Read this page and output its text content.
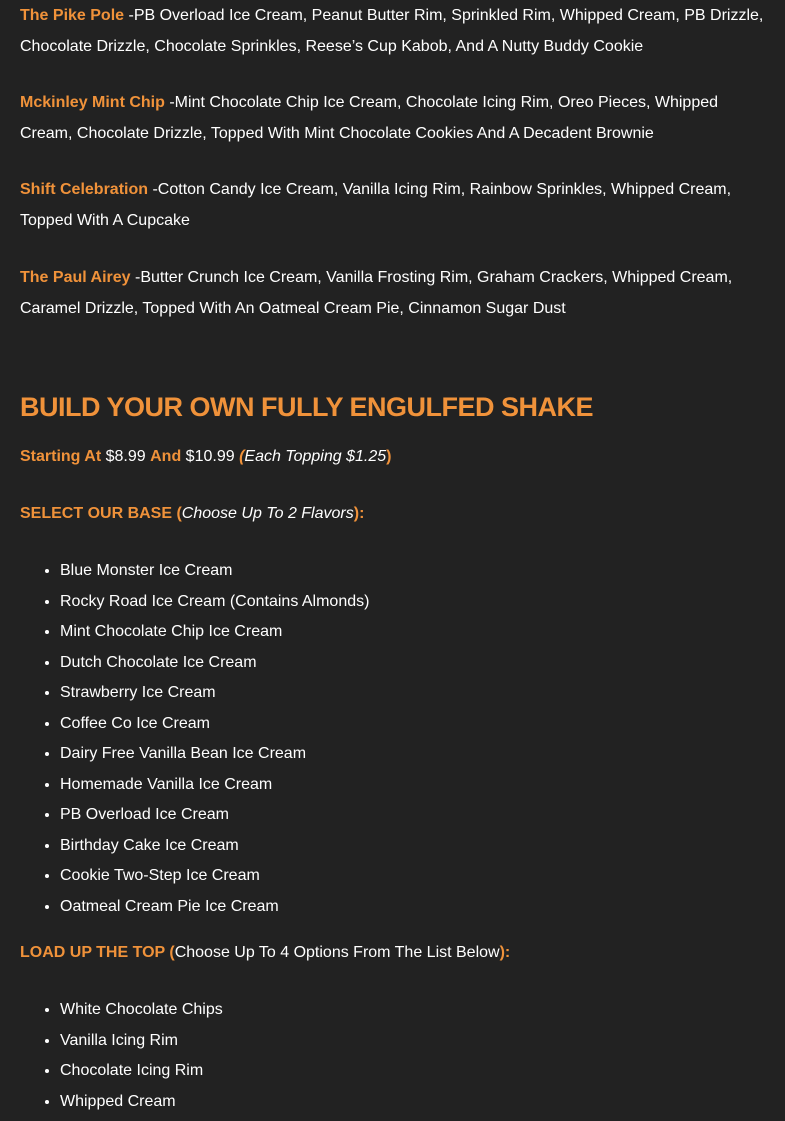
The Pike Pole -PB Overload Ice Cream, Peanut Butter Rim, Sprinkled Rim, Whipped Cream, PB Drizzle, Chocolate Drizzle, Chocolate Sprinkles, Reese’s Cup Kabob, And A Nutty Buddy Cookie

Mckinley Mint Chip -Mint Chocolate Chip Ice Cream, Chocolate Icing Rim, Oreo Pieces, Whipped Cream, Chocolate Drizzle, Topped With Mint Chocolate Cookies And A Decadent Brownie

Shift Celebration -Cotton Candy Ice Cream, Vanilla Icing Rim, Rainbow Sprinkles, Whipped Cream, Topped With A Cupcake

The Paul Airey -Butter Crunch Ice Cream, Vanilla Frosting Rim, Graham Crackers, Whipped Cream, Caramel Drizzle, Topped With An Oatmeal Cream Pie, Cinnamon Sugar Dust

BUILD YOUR OWN FULLY ENGULFED SHAKE

Starting At $8.99 And $10.99 (Each Topping $1.25)

SELECT OUR BASE (Choose Up To 2 Flavors):

• Blue Monster Ice Cream
• Rocky Road Ice Cream (Contains Almonds)
• Mint Chocolate Chip Ice Cream
• Dutch Chocolate Ice Cream
• Strawberry Ice Cream
• Coffee Co Ice Cream
• Dairy Free Vanilla Bean Ice Cream
• Homemade Vanilla Ice Cream
• PB Overload Ice Cream
• Birthday Cake Ice Cream
• Cookie Two-Step Ice Cream
• Oatmeal Cream Pie Ice Cream

LOAD UP THE TOP (Choose Up To 4 Options From The List Below):

• White Chocolate Chips
• Vanilla Icing Rim
• Chocolate Icing Rim
• Whipped Cream
